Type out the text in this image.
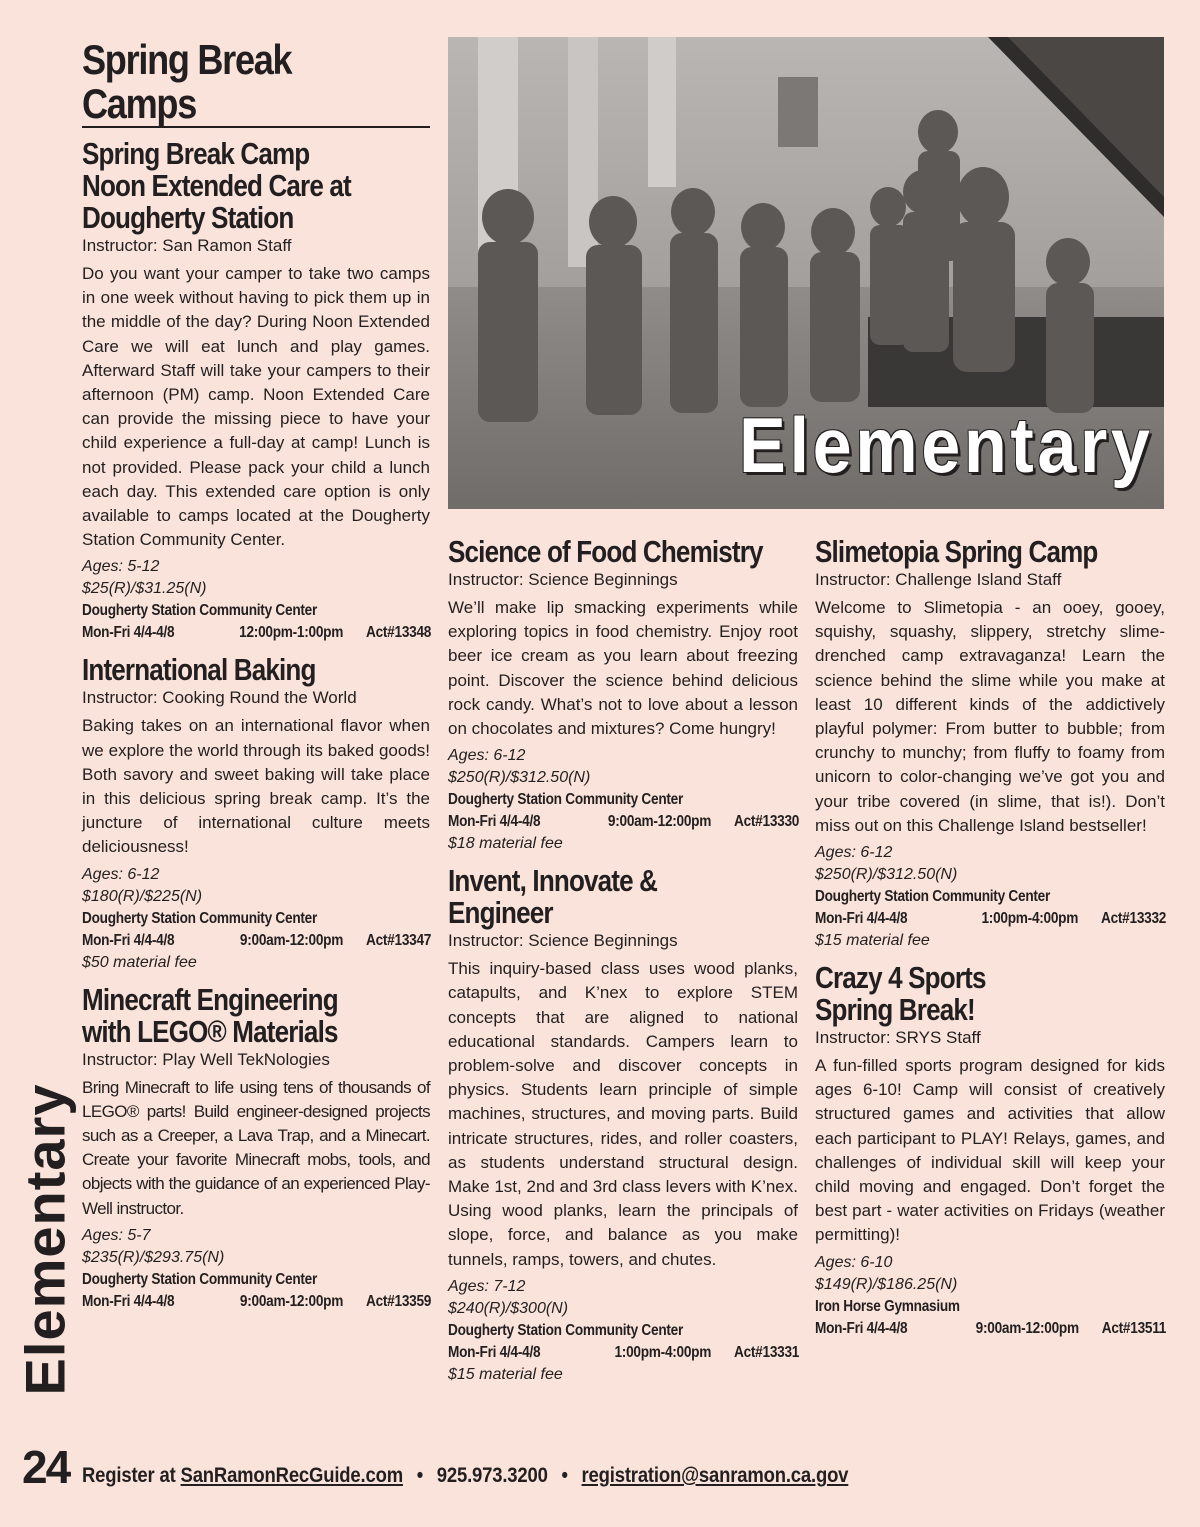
Spring Break
Camps
Spring Break Camp
Noon Extended Care at
Dougherty Station
Instructor: San Ramon Staff
Do you want your camper to take two camps in one week without having to pick them up in the middle of the day? During Noon Extended Care we will eat lunch and play games. Afterward Staff will take your campers to their afternoon (PM) camp. Noon Extended Care can provide the missing piece to have your child experience a full-day at camp! Lunch is not provided. Please pack your child a lunch each day. This extended care option is only available to camps located at the Dougherty Station Community Center.
Ages: 5-12
$25(R)/$31.25(N)
Dougherty Station Community Center
Mon-Fri 4/4-4/8	12:00pm-1:00pm Act#13348
International Baking
Instructor: Cooking Round the World
Baking takes on an international flavor when we explore the world through its baked goods! Both savory and sweet baking will take place in this delicious spring break camp. It’s the juncture of international culture meets deliciousness!
Ages: 6-12
$180(R)/$225(N)
Dougherty Station Community Center
Mon-Fri 4/4-4/8	9:00am-12:00pm Act#13347
$50 material fee
Minecraft Engineering
with LEGO® Materials
Instructor: Play Well TekNologies
Bring Minecraft to life using tens of thousands of LEGO® parts! Build engineer-designed projects such as a Creeper, a Lava Trap, and a Minecart. Create your favorite Minecraft mobs, tools, and objects with the guidance of an experienced Play-Well instructor.
Ages: 5-7
$235(R)/$293.75(N)
Dougherty Station Community Center
Mon-Fri 4/4-4/8	9:00am-12:00pm Act#13359
Elementary
Science of Food Chemistry
Instructor: Science Beginnings
We’ll make lip smacking experiments while exploring topics in food chemistry. Enjoy root beer ice cream as you learn about freezing point. Discover the science behind delicious rock candy. What’s not to love about a lesson on chocolates and mixtures? Come hungry!
Ages: 6-12
$250(R)/$312.50(N)
Dougherty Station Community Center
Mon-Fri 4/4-4/8	9:00am-12:00pm Act#13330
$18 material fee
Invent, Innovate &
Engineer
Instructor: Science Beginnings
This inquiry-based class uses wood planks, catapults, and K’nex to explore STEM concepts that are aligned to national educational standards. Campers learn to problem-solve and discover concepts in physics. Students learn principle of simple machines, structures, and moving parts. Build intricate structures, rides, and roller coasters, as students understand structural design. Make 1st, 2nd and 3rd class levers with K’nex. Using wood planks, learn the principals of slope, force, and balance as you make tunnels, ramps, towers, and chutes.
Ages: 7-12
$240(R)/$300(N)
Dougherty Station Community Center
Mon-Fri 4/4-4/8	1:00pm-4:00pm Act#13331
$15 material fee
Slimetopia Spring Camp
Instructor: Challenge Island Staff
Welcome to Slimetopia - an ooey, gooey, squishy, squashy, slippery, stretchy slime-drenched camp extravaganza! Learn the science behind the slime while you make at least 10 different kinds of the addictively playful polymer: From butter to bubble; from crunchy to munchy; from fluffy to foamy from unicorn to color-changing we’ve got you and your tribe covered (in slime, that is!). Don’t miss out on this Challenge Island bestseller!
Ages: 6-12
$250(R)/$312.50(N)
Dougherty Station Community Center
Mon-Fri 4/4-4/8	1:00pm-4:00pm Act#13332
$15 material fee
Crazy 4 Sports
Spring Break!
Instructor: SRYS Staff
A fun-filled sports program designed for kids ages 6-10! Camp will consist of creatively structured games and activities that allow each participant to PLAY! Relays, games, and challenges of individual skill will keep your child moving and engaged. Don’t forget the best part - water activities on Fridays (weather permitting)!
Ages: 6-10
$149(R)/$186.25(N)
Iron Horse Gymnasium
Mon-Fri 4/4-4/8	9:00am-12:00pm Act#13511
Elementary
24 Register at SanRamonRecGuide.com • 925.973.3200 • registration@sanramon.ca.gov
